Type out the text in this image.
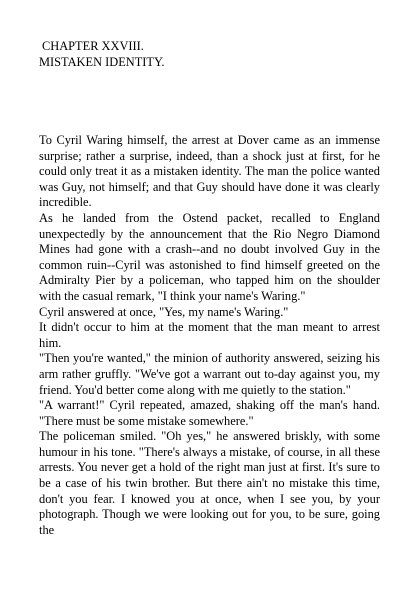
CHAPTER XXVIII.
MISTAKEN IDENTITY.

To Cyril Waring himself, the arrest at Dover came as an immense surprise; rather a surprise, indeed, than a shock just at first, for he could only treat it as a mistaken identity. The man the police wanted was Guy, not himself; and that Guy should have done it was clearly incredible.

As he landed from the Ostend packet, recalled to England unexpectedly by the announcement that the Rio Negro Diamond Mines had gone with a crash--and no doubt involved Guy in the common ruin--Cyril was astonished to find himself greeted on the Admiralty Pier by a policeman, who tapped him on the shoulder with the casual remark, "I think your name's Waring."

Cyril answered at once, "Yes, my name's Waring."

It didn't occur to him at the moment that the man meant to arrest him.

"Then you're wanted," the minion of authority answered, seizing his arm rather gruffly. "We've got a warrant out to-day against you, my friend. You'd better come along with me quietly to the station."

"A warrant!" Cyril repeated, amazed, shaking off the man's hand. "There must be some mistake somewhere."

The policeman smiled. "Oh yes," he answered briskly, with some humour in his tone. "There's always a mistake, of course, in all these arrests. You never get a hold of the right man just at first. It's sure to be a case of his twin brother. But there ain't no mistake this time, don't you fear. I knowed you at once, when I see you, by your photograph. Though we were looking out for you, to be sure, going the
